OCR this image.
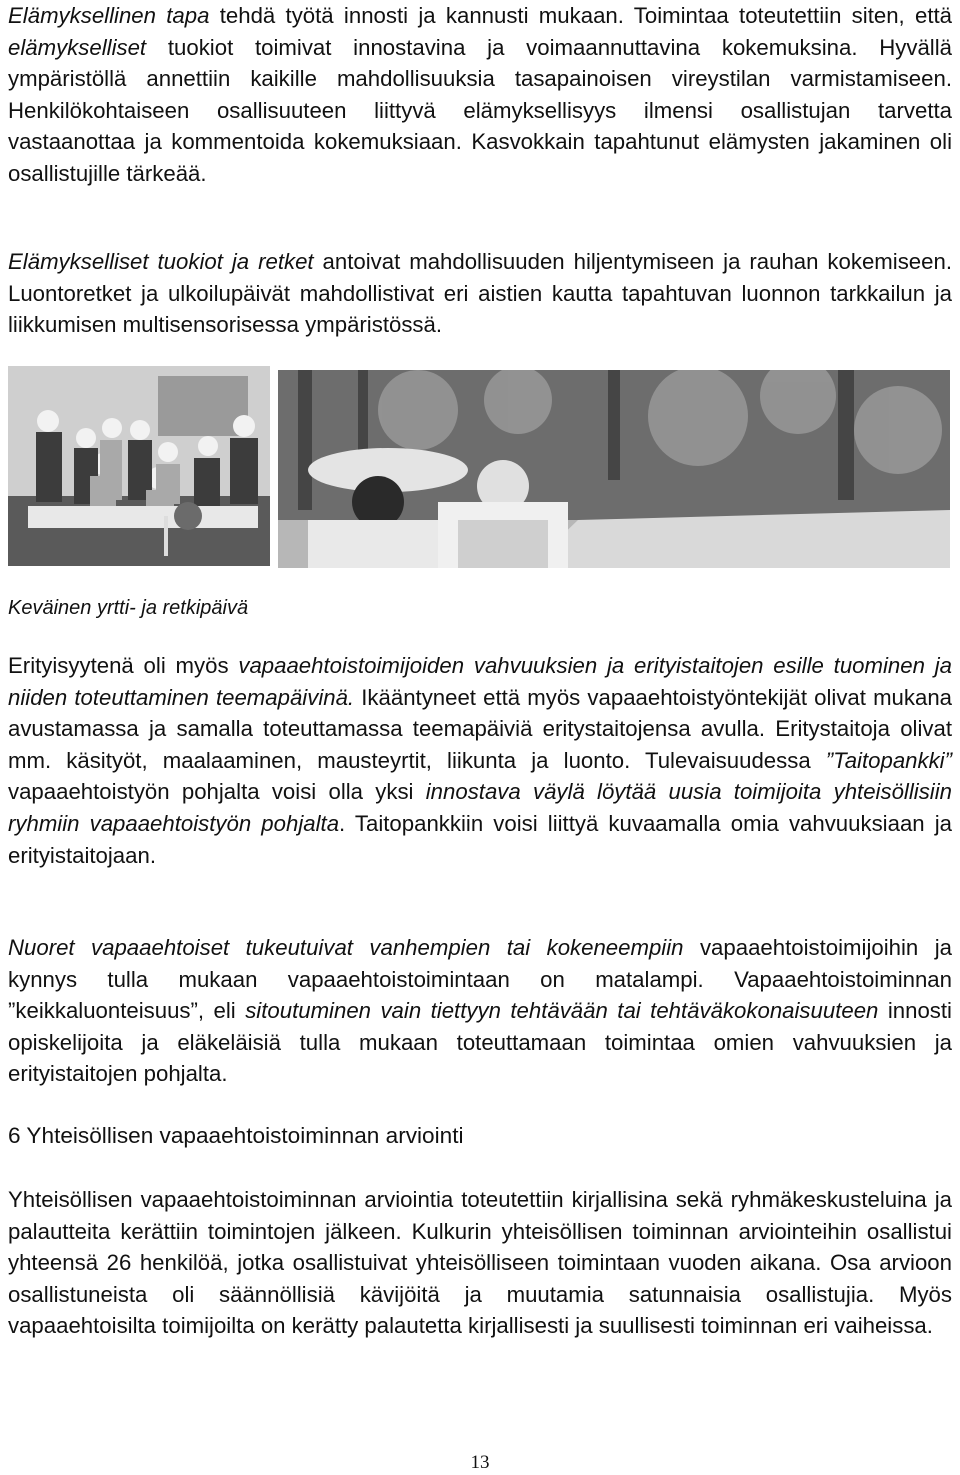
Elämyksellinen tapa tehdä työtä innosti ja kannusti mukaan. Toimintaa toteutettiin siten, että elämykselliset tuokiot toimivat innostavina ja voimaannuttavina kokemuksina. Hyvällä ympäristöllä annettiin kaikille mahdollisuuksia tasapainoisen vireystilan varmistamiseen. Henkilökohtaiseen osallisuuteen liittyvä elämyksellisyys ilmensi osallistujan tarvetta vastaanottaa ja kommentoida kokemuksiaan. Kasvokkain tapahtunut elämysten jakaminen oli osallistujille tärkeää.

Elämykselliset tuokiot ja retket antoivat mahdollisuuden hiljentymiseen ja rauhan kokemiseen. Luontoretket ja ulkoilupäivät mahdollistivat eri aistien kautta tapahtuvan luonnon tarkkailun ja liikkumisen multisensorisessa ympäristössä.

Keväinen yrtti- ja retkipäivä

Erityisyytenä oli myös vapaaehtoistoimijoiden vahvuuksien ja erityistaitojen esille tuominen ja niiden toteuttaminen teemapäivinä. Ikääntyneet että myös vapaaehtoistyöntekijät olivat mukana avustamassa ja samalla toteuttamassa teemapäiviä eritystaitojensa avulla. Eritystaitoja olivat mm. käsityöt, maalaaminen, mausteyrtit, liikunta ja luonto. Tulevaisuudessa ”Taitopankki” vapaaehtoistyön pohjalta voisi olla yksi innostava väylä löytää uusia toimijoita yhteisöllisiin ryhmiin vapaaehtoistyön pohjalta. Taitopankkiin voisi liittyä kuvaamalla omia vahvuuksiaan ja erityistaitojaan.

Nuoret vapaaehtoiset tukeutuivat vanhempien tai kokeneempiin vapaaehtoistoimijoihin ja kynnys tulla mukaan vapaaehtoistoimintaan on matalampi. Vapaaehtoistoiminnan ”keikkaluonteisuus”, eli sitoutuminen vain tiettyyn tehtävään tai tehtäväkokonaisuuteen innosti opiskelijoita ja eläkeläisiä tulla mukaan toteuttamaan toimintaa omien vahvuuksien ja erityistaitojen pohjalta.

6 Yhteisöllisen vapaaehtoistoiminnan arviointi

Yhteisöllisen vapaaehtoistoiminnan arviointia toteutettiin kirjallisina sekä ryhmäkeskusteluina ja palautteita kerättiin toimintojen jälkeen. Kulkurin yhteisöllisen toiminnan arviointeihin osallistui yhteensä 26 henkilöä, jotka osallistuivat yhteisölliseen toimintaan vuoden aikana. Osa arvioon osallistuneista oli säännöllisiä kävijöitä ja muutamia satunnaisia osallistujia. Myös vapaaehtoisilta toimijoilta on kerätty palautetta kirjallisesti ja suullisesti toiminnan eri vaiheissa.

13
